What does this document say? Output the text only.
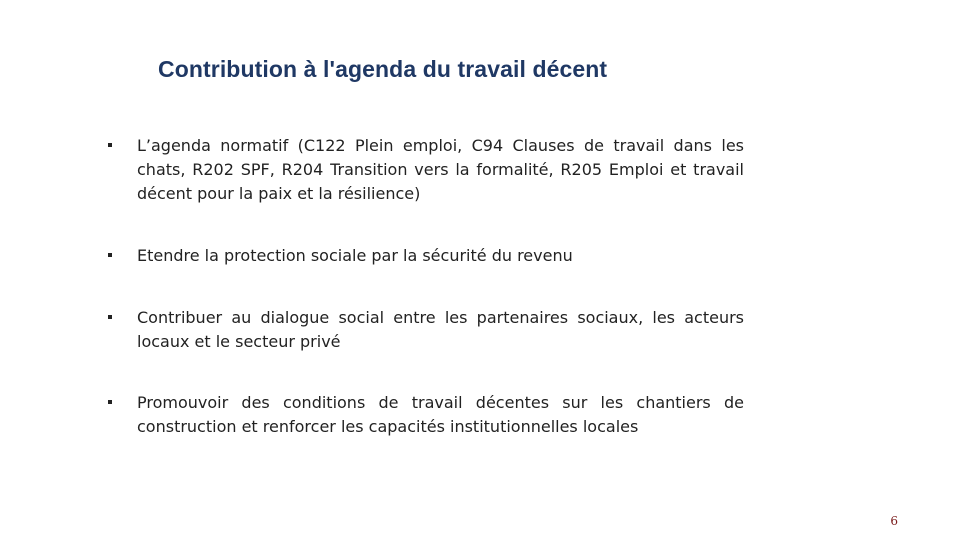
Contribution à l'agenda du travail décent
L’agenda normatif (C122 Plein emploi, C94 Clauses de travail dans les chats, R202 SPF, R204 Transition vers la formalité, R205 Emploi et travail décent pour la paix et la résilience)
Etendre la protection sociale par la sécurité du revenu
Contribuer au dialogue social entre les partenaires sociaux, les acteurs locaux et le secteur privé
Promouvoir des conditions de travail décentes sur les chantiers de construction et renforcer les capacités institutionnelles locales
6
